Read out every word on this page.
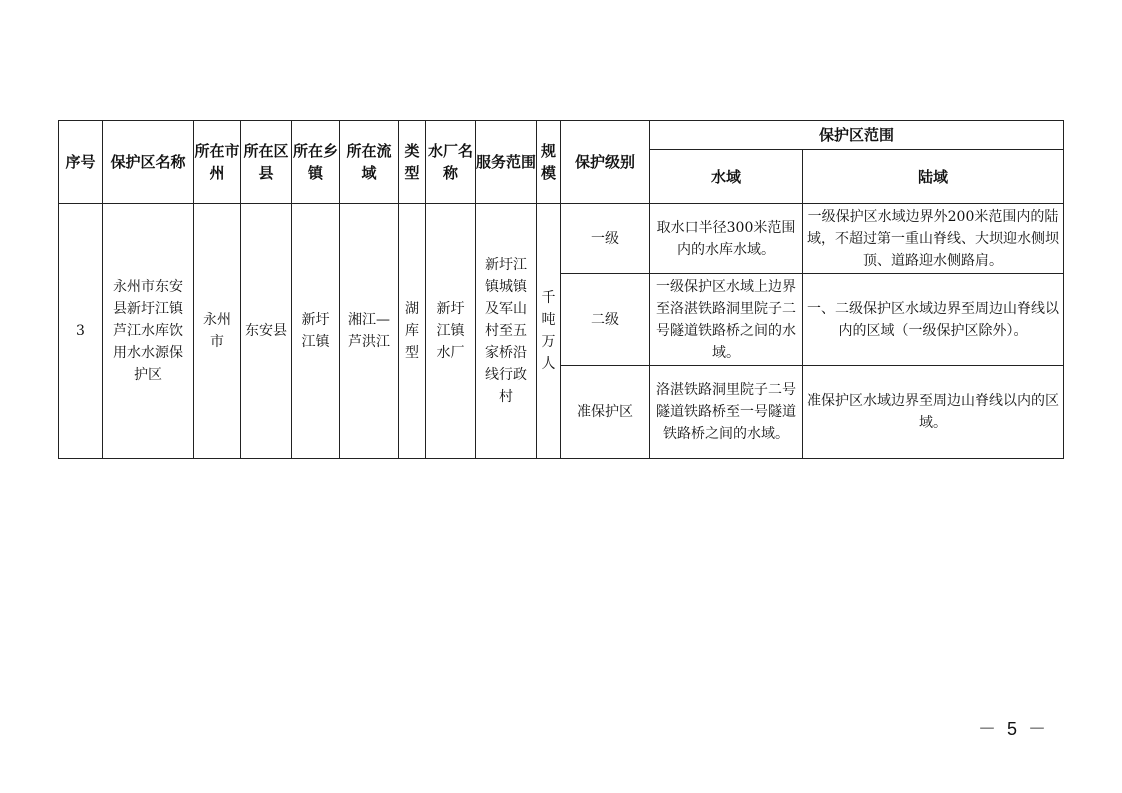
序号	保护区名称	所在市州	所在区县	所在乡镇	所在流域	类型	水厂名称	服务范围	规模	保护级别	保护区范围	
											水域	陆域

3	永州市东安县新圩江镇芦江水库饮用水水源保护区	永州市	东安县	新圩江镇	湘江—芦洪江	湖库型	新圩江镇水厂	新圩江镇城镇及军山村至五家桥沿线行政村	千吨万人	一级	取水口半径300米范围内的水库水域。	一级保护区水域边界外200米范围内的陆域，不超过第一重山脊线、大坝迎水侧坝顶、道路迎水侧路肩。

										二级	一级保护区水域上边界至洛湛铁路洞里院子二号隧道铁路桥之间的水域。	一、二级保护区水域边界至周边山脊线以内的区域（一级保护区除外）。

										准保护区	洛湛铁路洞里院子二号隧道铁路桥至一号隧道铁路桥之间的水域。	准保护区水域边界至周边山脊线以内的区域。
－ 5 －
